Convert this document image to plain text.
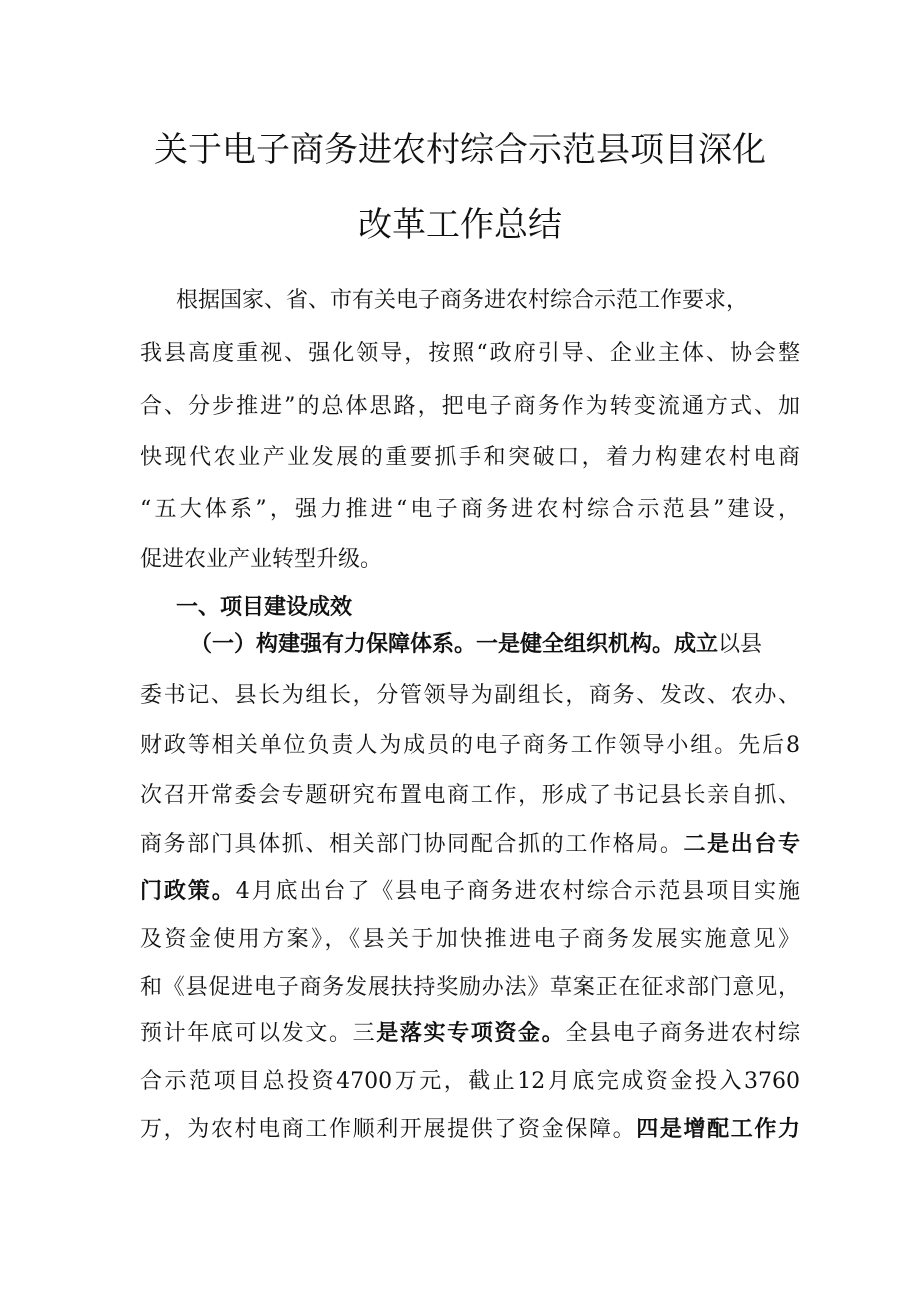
关于电子商务进农村综合示范县项目深化
改革工作总结
根据国家、省、市有关电子商务进农村综合示范工作要求，
我县高度重视、强化领导，按照“政府引导、企业主体、协会整
合、分步推进”的总体思路，把电子商务作为转变流通方式、加
快现代农业产业发展的重要抓手和突破口，着力构建农村电商
“五大体系”，强力推进“电子商务进农村综合示范县”建设，
促进农业产业转型升级。
一、项目建设成效
（一）构建强有力保障体系。一是健全组织机构。成立以县
委书记、县长为组长，分管领导为副组长，商务、发改、农办、
财政等相关单位负责人为成员的电子商务工作领导小组。先后8
次召开常委会专题研究布置电商工作，形成了书记县长亲自抓、
商务部门具体抓、相关部门协同配合抓的工作格局。二是出台专
门政策。4月底出台了《县电子商务进农村综合示范县项目实施
及资金使用方案》，《县关于加快推进电子商务发展实施意见》
和《县促进电子商务发展扶持奖励办法》草案正在征求部门意见，
预计年底可以发文。三是落实专项资金。全县电子商务进农村综
合示范项目总投资4700万元，截止12月底完成资金投入3760
万，为农村电商工作顺利开展提供了资金保障。四是增配工作力
